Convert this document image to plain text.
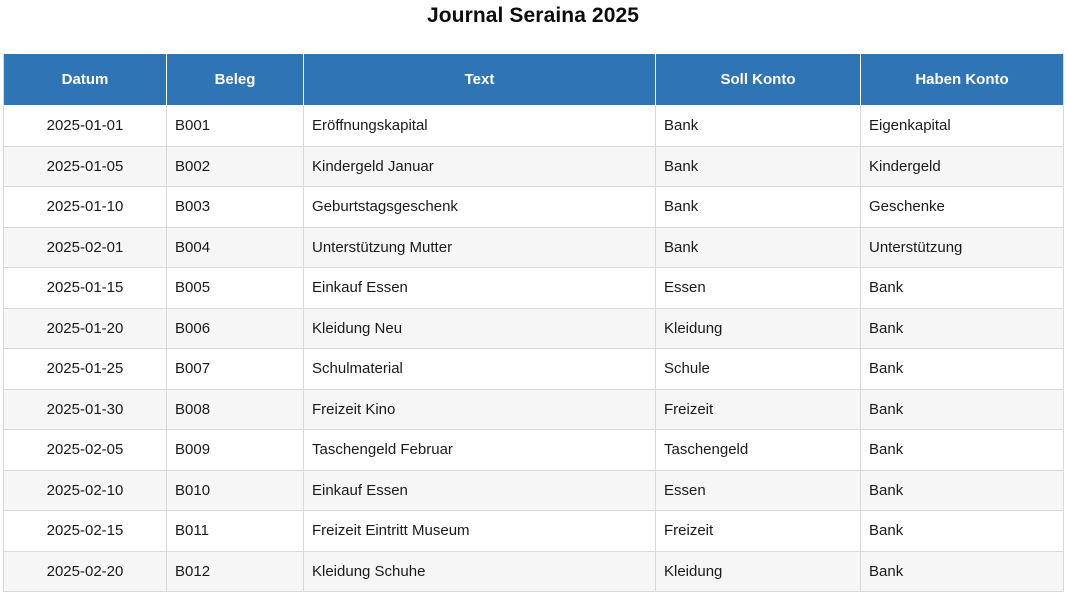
Journal Seraina 2025
Datum	Beleg	Text	Soll Konto	Haben Konto
2025-01-01	B001	Eröffnungskapital	Bank	Eigenkapital
2025-01-05	B002	Kindergeld Januar	Bank	Kindergeld
2025-01-10	B003	Geburtstagsgeschenk	Bank	Geschenke
2025-02-01	B004	Unterstützung Mutter	Bank	Unterstützung
2025-01-15	B005	Einkauf Essen	Essen	Bank
2025-01-20	B006	Kleidung Neu	Kleidung	Bank
2025-01-25	B007	Schulmaterial	Schule	Bank
2025-01-30	B008	Freizeit Kino	Freizeit	Bank
2025-02-05	B009	Taschengeld Februar	Taschengeld	Bank
2025-02-10	B010	Einkauf Essen	Essen	Bank
2025-02-15	B011	Freizeit Eintritt Museum	Freizeit	Bank
2025-02-20	B012	Kleidung Schuhe	Kleidung	Bank
